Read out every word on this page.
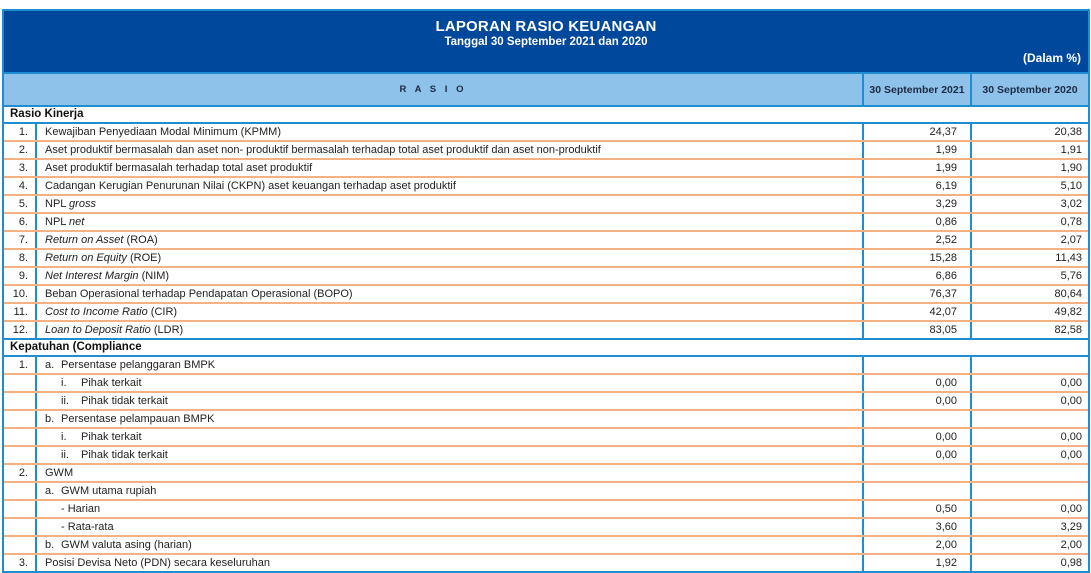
LAPORAN RASIO KEUANGAN
Tanggal 30 September 2021 dan 2020
(Dalam %)
R A S I O	30 September 2021	30 September 2020
Rasio Kinerja
1.	Kewajiban Penyediaan Modal Minimum (KPMM)	24,37	20,38
2.	Aset produktif bermasalah dan aset non- produktif bermasalah terhadap total aset produktif dan aset non-produktif	1,99	1,91
3.	Aset produktif bermasalah terhadap total aset produktif	1,99	1,90
4.	Cadangan Kerugian Penurunan Nilai (CKPN) aset keuangan terhadap aset produktif	6,19	5,10
5.	NPL gross	3,29	3,02
6.	NPL net	0,86	0,78
7.	Return on Asset (ROA)	2,52	2,07
8.	Return on Equity (ROE)	15,28	11,43
9.	Net Interest Margin (NIM)	6,86	5,76
10.	Beban Operasional terhadap Pendapatan Operasional (BOPO)	76,37	80,64
11.	Cost to Income Ratio (CIR)	42,07	49,82
12.	Loan to Deposit Ratio (LDR)	83,05	82,58
Kepatuhan (Compliance
1.	a. Persentase pelanggaran BMPK
i. Pihak terkait	0,00	0,00
ii. Pihak tidak terkait	0,00	0,00
b. Persentase pelampauan BMPK
i. Pihak terkait	0,00	0,00
ii. Pihak tidak terkait	0,00	0,00
2.	GWM
a. GWM utama rupiah
- Harian	0,50	0,00
- Rata-rata	3,60	3,29
b. GWM valuta asing (harian)	2,00	2,00
3.	Posisi Devisa Neto (PDN) secara keseluruhan	1,92	0,98
